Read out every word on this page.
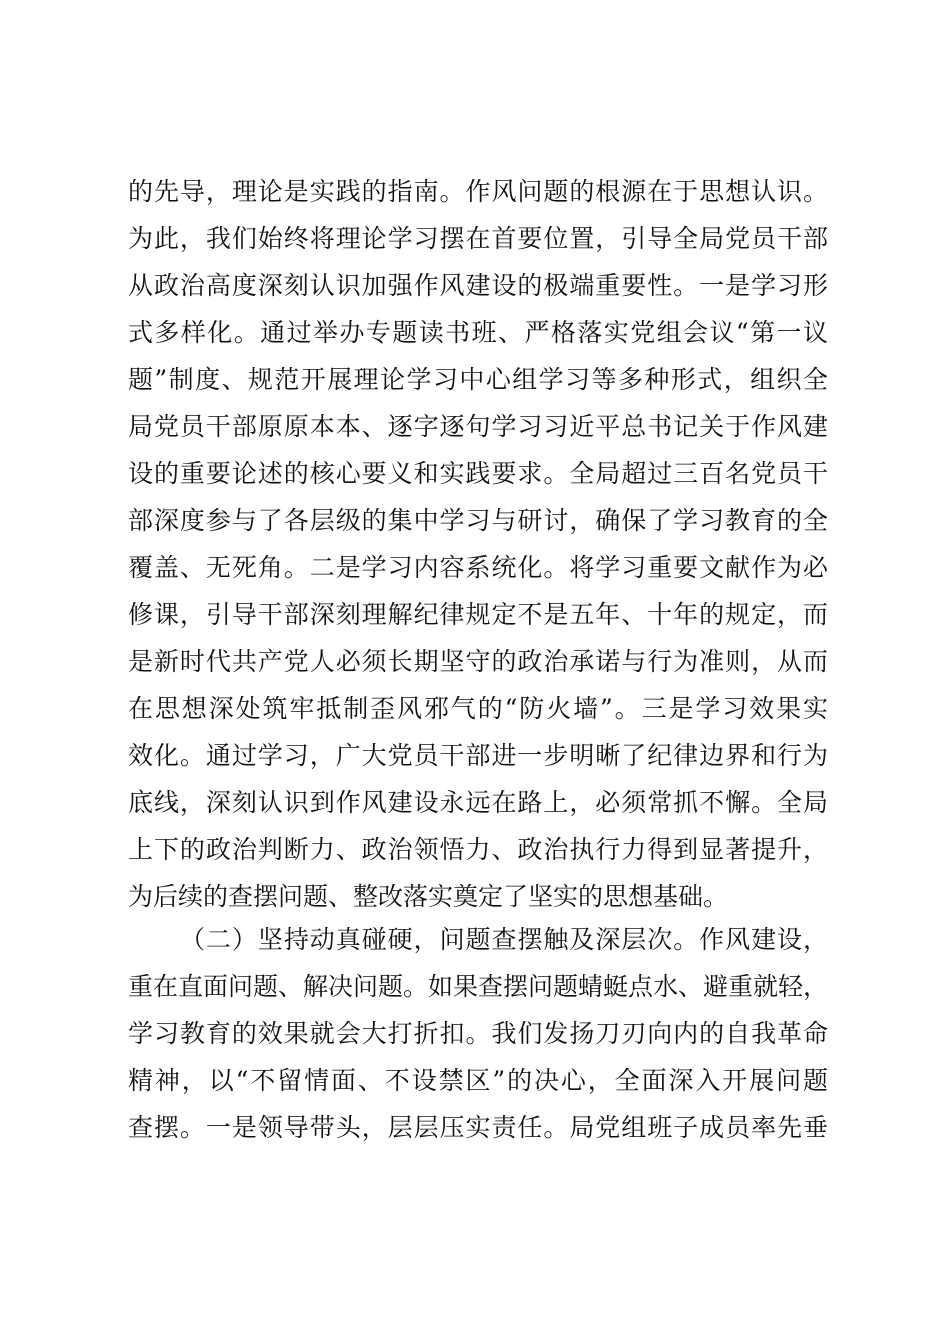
的先导，理论是实践的指南。作风问题的根源在于思想认识。
为此，我们始终将理论学习摆在首要位置，引导全局党员干部
从政治高度深刻认识加强作风建设的极端重要性。一是学习形
式多样化。通过举办专题读书班、严格落实党组会议“第一议
题”制度、规范开展理论学习中心组学习等多种形式，组织全
局党员干部原原本本、逐字逐句学习习近平总书记关于作风建
设的重要论述的核心要义和实践要求。全局超过三百名党员干
部深度参与了各层级的集中学习与研讨，确保了学习教育的全
覆盖、无死角。二是学习内容系统化。将学习重要文献作为必
修课，引导干部深刻理解纪律规定不是五年、十年的规定，而
是新时代共产党人必须长期坚守的政治承诺与行为准则，从而
在思想深处筑牢抵制歪风邪气的“防火墙”。三是学习效果实
效化。通过学习，广大党员干部进一步明晰了纪律边界和行为
底线，深刻认识到作风建设永远在路上，必须常抓不懈。全局
上下的政治判断力、政治领悟力、政治执行力得到显著提升，
为后续的查摆问题、整改落实奠定了坚实的思想基础。
（二）坚持动真碰硬，问题查摆触及深层次。作风建设，
重在直面问题、解决问题。如果查摆问题蜻蜓点水、避重就轻，
学习教育的效果就会大打折扣。我们发扬刀刃向内的自我革命
精神，以“不留情面、不设禁区”的决心，全面深入开展问题
查摆。一是领导带头，层层压实责任。局党组班子成员率先垂
